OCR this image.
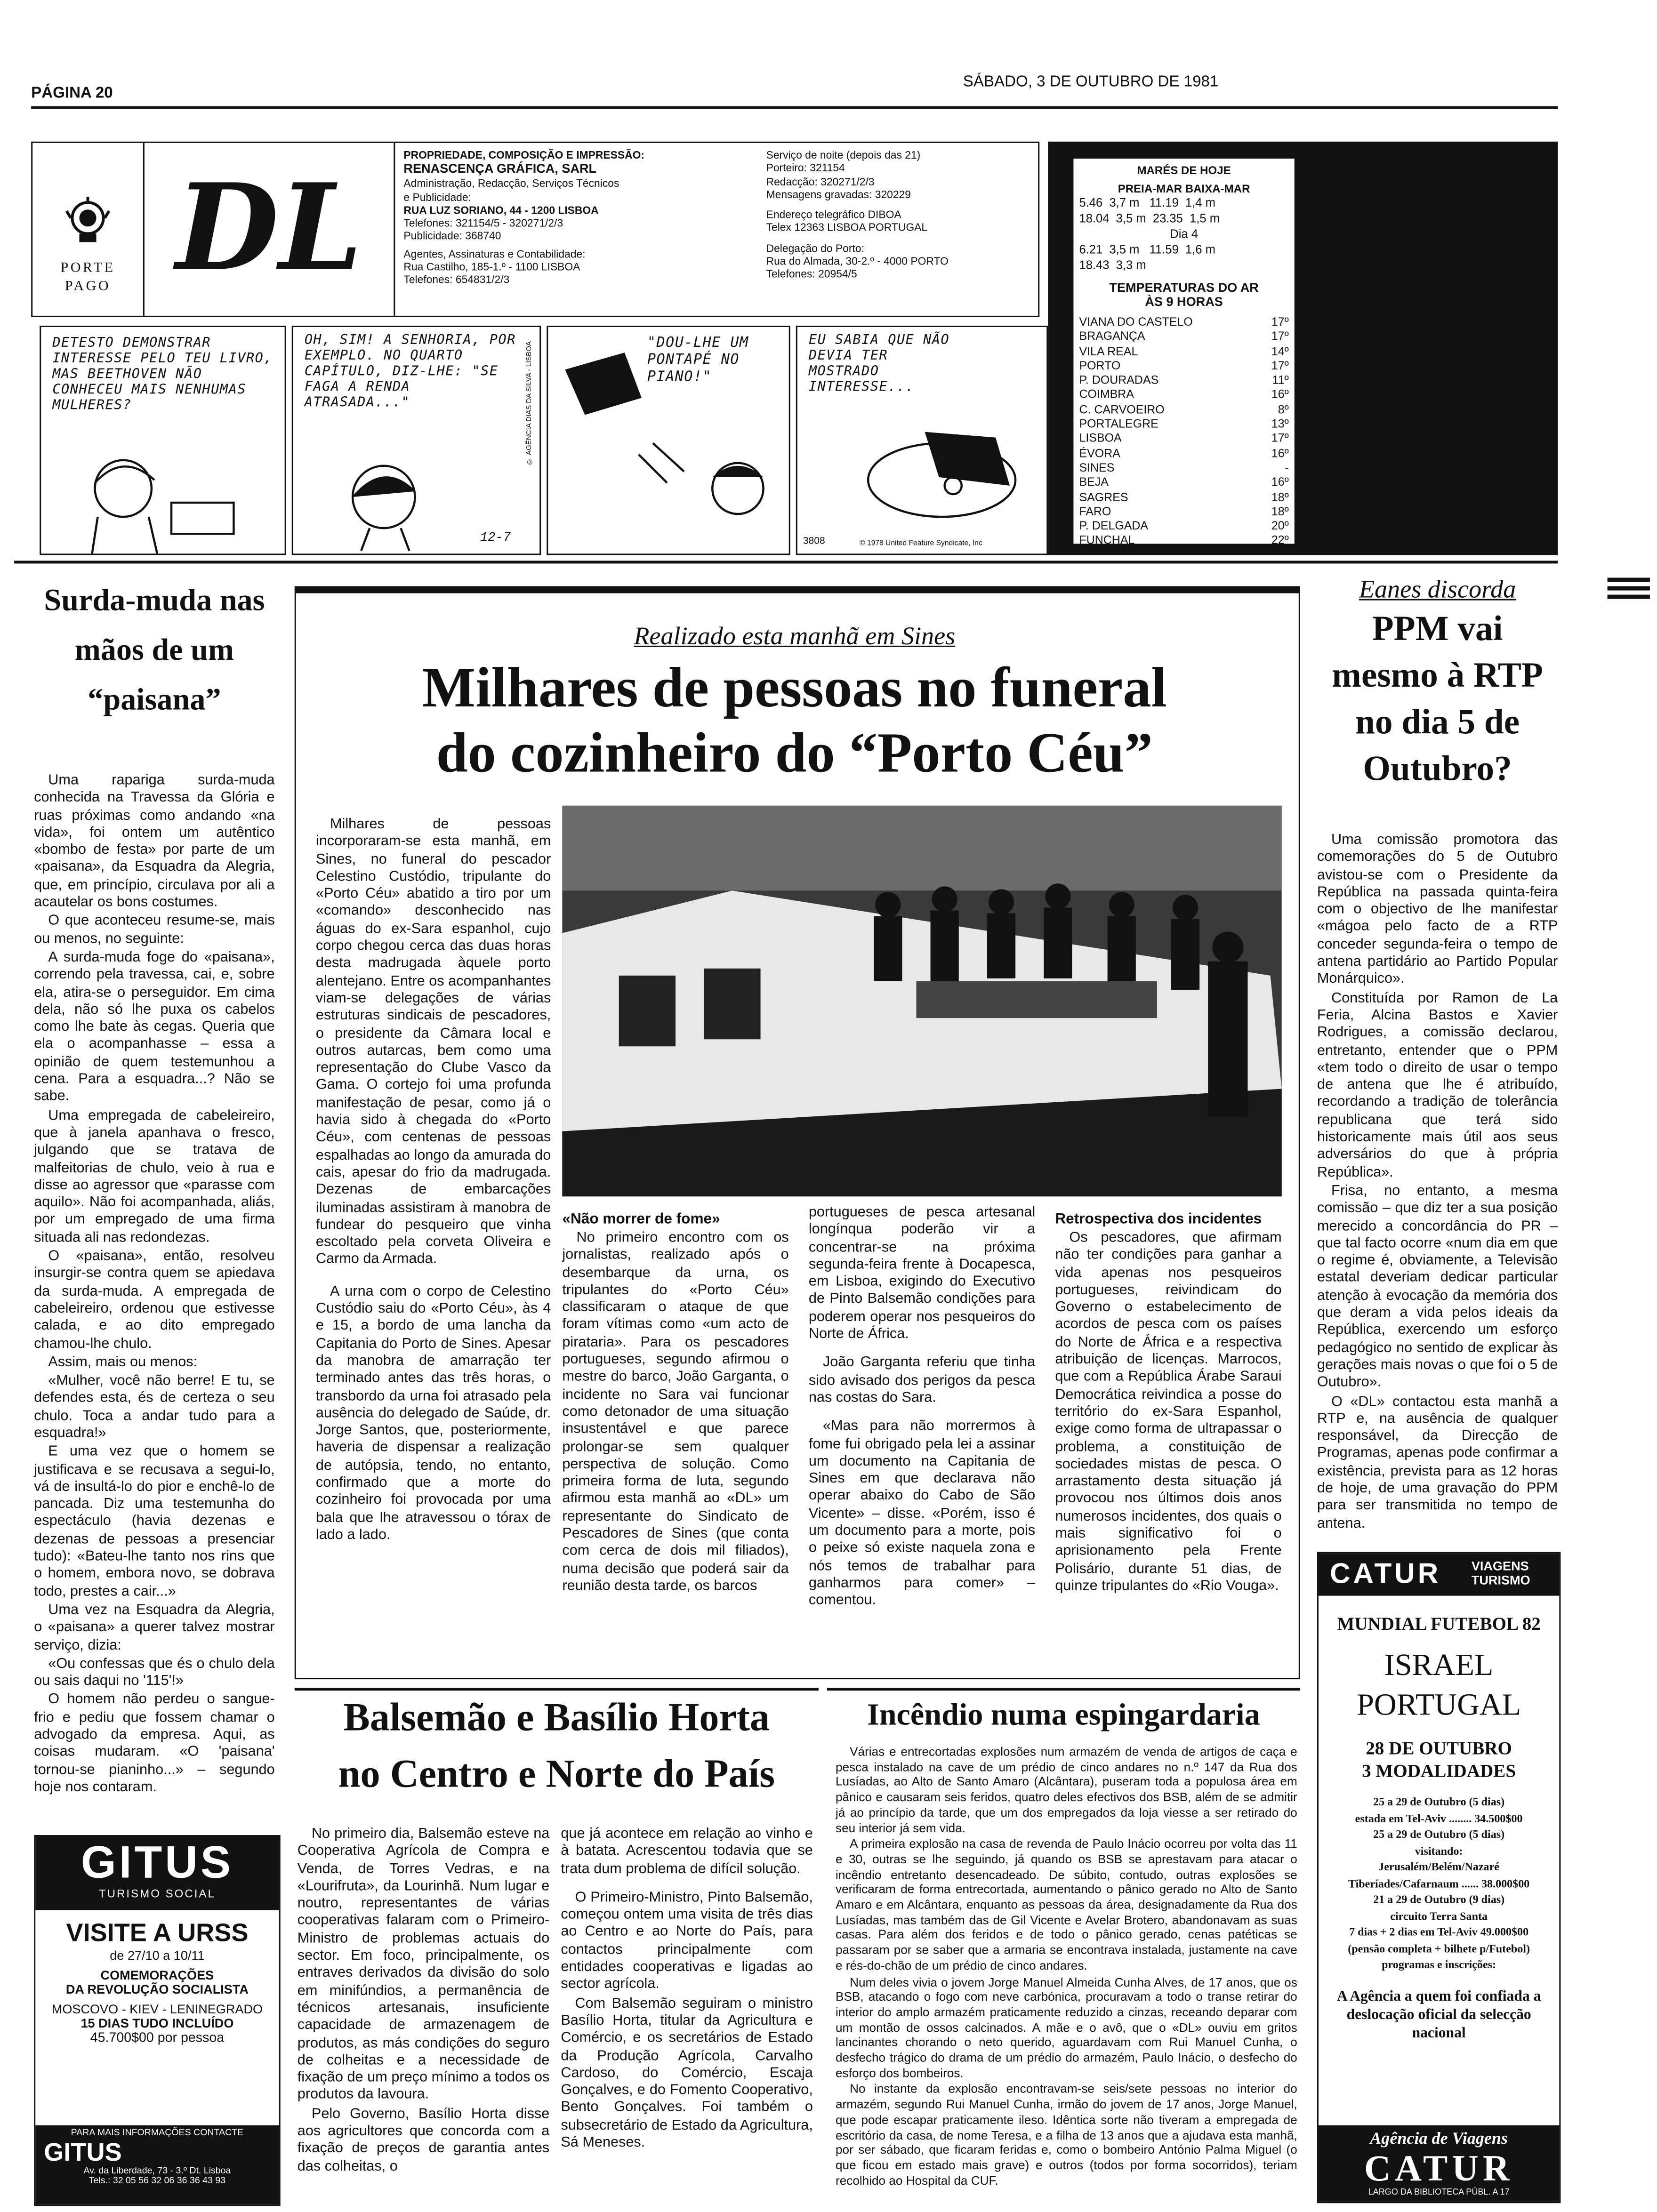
PÁGINA 20
SÁBADO, 3 DE OUTUBRO DE 1981
PORTE PAGO	DL
PROPRIEDADE, COMPOSIÇÃO E IMPRESSÃO:
RENASCENÇA GRÁFICA, SARL
Administração, Redacção, Serviços Técnicos
e Publicidade:
RUA LUZ SORIANO, 44 - 1200 LISBOA
Telefones: 321154/5 - 320271/2/3
Publicidade: 368740
Agentes, Assinaturas e Contabilidade:
Rua Castilho, 185-1.º - 1100 LISBOA
Telefones: 654831/2/3
Serviço de noite (depois das 21)
Porteiro: 321154
Redacção: 320271/2/3
Mensagens gravadas: 320229
Endereço telegráfico DIBOA
Telex 12363 LISBOA PORTUGAL
Delegação do Porto:
Rua do Almada, 30-2.º - 4000 PORTO
Telefones: 20954/5
MARÉS DE HOJE
PREIA-MAR BAIXA-MAR
5.46  3,7 m   11.19  1,4 m
18.04  3,5 m  23.35  1,5 m
Dia 4
6.21  3,5 m   11.59  1,6 m
18.43  3,3 m
TEMPERATURAS DO AR
ÀS 9 HORAS
VIANA DO CASTELO	17º
BRAGANÇA	17º
VILA REAL	14º
PORTO	17º
P. DOURADAS	11º
COIMBRA	16º
C. CARVOEIRO	8º
PORTALEGRE	13º
LISBOA	17º
ÉVORA	16º
SINES	-
BEJA	16º
SAGRES	18º
FARO	18º
P. DELGADA	20º
FUNCHAL	22º
DETESTO DEMONSTRAR INTERESSE PELO TEU LIVRO, MAS BEETHOVEN NÃO CONHECEU MAIS NENHUMAS MULHERES?
OH, SIM! A SENHORIA, POR EXEMPLO. NO QUARTO CAPÍTULO, DIZ-LHE: "SE FAGA A RENDA ATRASADA..."	© AGÊNCIA DIAS DA SILVA - LISBOA
12-7
"DOU-LHE UM PONTAPÉ NO PIANO!"
EU SABIA QUE NÃO DEVIA TER MOSTRADO INTERESSE...
3808	© 1978 United Feature Syndicate, Inc
Surda-muda nas mãos de um “paisana”

Uma rapariga surda-muda conhecida na Travessa da Glória e ruas próximas como andando «na vida», foi ontem um autêntico «bombo de festa» por parte de um «paisana», da Esquadra da Alegria, que, em princípio, circulava por ali a acautelar os bons costumes.

O que aconteceu resume-se, mais ou menos, no seguinte:

A surda-muda foge do «paisana», correndo pela travessa, cai, e, sobre ela, atira-se o perseguidor. Em cima dela, não só lhe puxa os cabelos como lhe bate às cegas. Queria que ela o acompanhasse – essa a opinião de quem testemunhou a cena. Para a esquadra...? Não se sabe.

Uma empregada de cabeleireiro, que à janela apanhava o fresco, julgando que se tratava de malfeitorias de chulo, veio à rua e disse ao agressor que «parasse com aquilo». Não foi acompanhada, aliás, por um empregado de uma firma situada ali nas redondezas.

O «paisana», então, resolveu insurgir-se contra quem se apiedava da surda-muda. A empregada de cabeleireiro, ordenou que estivesse calada, e ao dito empregado chamou-lhe chulo.

Assim, mais ou menos:

«Mulher, você não berre! E tu, se defendes esta, és de certeza o seu chulo. Toca a andar tudo para a esquadra!»

E uma vez que o homem se justificava e se recusava a segui-lo, vá de insultá-lo do pior e enchê-lo de pancada. Diz uma testemunha do espectáculo (havia dezenas e dezenas de pessoas a presenciar tudo): «Bateu-lhe tanto nos rins que o homem, embora novo, se dobrava todo, prestes a cair...»

Uma vez na Esquadra da Alegria, o «paisana» a querer talvez mostrar serviço, dizia:

«Ou confessas que és o chulo dela ou sais daqui no '115'!»

O homem não perdeu o sangue-frio e pediu que fossem chamar o advogado da empresa. Aqui, as coisas mudaram. «O 'paisana' tornou-se pianinho...» – segundo hoje nos contaram.

Realizado esta manhã em Sines
Milhares de pessoas no funeral
do cozinheiro do “Porto Céu”

Milhares de pessoas incorporaram-se esta manhã, em Sines, no funeral do pescador Celestino Custódio, tripulante do «Porto Céu» abatido a tiro por um «comando» desconhecido nas águas do ex-Sara espanhol, cujo corpo chegou cerca das duas horas desta madrugada àquele porto alentejano. Entre os acompanhantes viam-se delegações de várias estruturas sindicais de pescadores, o presidente da Câmara local e outros autarcas, bem como uma representação do Clube Vasco da Gama. O cortejo foi uma profunda manifestação de pesar, como já o havia sido à chegada do «Porto Céu», com centenas de pessoas espalhadas ao longo da amurada do cais, apesar do frio da madrugada. Dezenas de embarcações iluminadas assistiram à manobra de fundear do pesqueiro que vinha escoltado pela corveta Oliveira e Carmo da Armada.

A urna com o corpo de Celestino Custódio saiu do «Porto Céu», às 4 e 15, a bordo de uma lancha da Capitania do Porto de Sines. Apesar da manobra de amarração ter terminado antes das três horas, o transbordo da urna foi atrasado pela ausência do delegado de Saúde, dr. Jorge Santos, que, posteriormente, haveria de dispensar a realização de autópsia, tendo, no entanto, confirmado que a morte do cozinheiro foi provocada por uma bala que lhe atravessou o tórax de lado a lado.

«Não morrer de fome»

No primeiro encontro com os jornalistas, realizado após o desembarque da urna, os tripulantes do «Porto Céu» classificaram o ataque de que foram vítimas como «um acto de pirataria». Para os pescadores portugueses, segundo afirmou o mestre do barco, João Garganta, o incidente no Sara vai funcionar como detonador de uma situação insustentável e que parece prolongar-se sem qualquer perspectiva de solução. Como primeira forma de luta, segundo afirmou esta manhã ao «DL» um representante do Sindicato de Pescadores de Sines (que conta com cerca de dois mil filiados), numa decisão que poderá sair da reunião desta tarde, os barcos

portugueses de pesca artesanal longínqua poderão vir a concentrar-se na próxima segunda-feira frente à Docapesca, em Lisboa, exigindo do Executivo de Pinto Balsemão condições para poderem operar nos pesqueiros do Norte de África.

João Garganta referiu que tinha sido avisado dos perigos da pesca nas costas do Sara.

«Mas para não morrermos à fome fui obrigado pela lei a assinar um documento na Capitania de Sines em que declarava não operar abaixo do Cabo de São Vicente» – disse. «Porém, isso é um documento para a morte, pois o peixe só existe naquela zona e nós temos de trabalhar para ganharmos para comer» – comentou.

Retrospectiva dos incidentes

Os pescadores, que afirmam não ter condições para ganhar a vida apenas nos pesqueiros portugueses, reivindicam do Governo o estabelecimento de acordos de pesca com os países do Norte de África e a respectiva atribuição de licenças. Marrocos, que com a República Árabe Saraui Democrática reivindica a posse do território do ex-Sara Espanhol, exige como forma de ultrapassar o problema, a constituição de sociedades mistas de pesca. O arrastamento desta situação já provocou nos últimos dois anos numerosos incidentes, dos quais o mais significativo foi o aprisionamento pela Frente Polisário, durante 51 dias, de quinze tripulantes do «Rio Vouga».

Eanes discorda
PPM vai mesmo à RTP no dia 5 de Outubro?

Uma comissão promotora das comemorações do 5 de Outubro avistou-se com o Presidente da República na passada quinta-feira com o objectivo de lhe manifestar «mágoa pelo facto de a RTP conceder segunda-feira o tempo de antena partidário ao Partido Popular Monárquico».

Constituída por Ramon de La Feria, Alcina Bastos e Xavier Rodrigues, a comissão declarou, entretanto, entender que o PPM «tem todo o direito de usar o tempo de antena que lhe é atribuído, recordando a tradição de tolerância republicana que terá sido historicamente mais útil aos seus adversários do que à própria República».

Frisa, no entanto, a mesma comissão – que diz ter a sua posição merecido a concordância do PR – que tal facto ocorre «num dia em que o regime é, obviamente, a Televisão estatal deveriam dedicar particular atenção à evocação da memória dos que deram a vida pelos ideais da República, exercendo um esforço pedagógico no sentido de explicar às gerações mais novas o que foi o 5 de Outubro».

O «DL» contactou esta manhã a RTP e, na ausência de qualquer responsável, da Direcção de Programas, apenas pode confirmar a existência, prevista para as 12 horas de hoje, de uma gravação do PPM para ser transmitida no tempo de antena.

CATUR	VIAGENS TURISMO
MUNDIAL FUTEBOL 82
ISRAEL
PORTUGAL
28 DE OUTUBRO
3 MODALIDADES
25 a 29 de Outubro (5 dias)
estada em Tel-Aviv ........ 34.500$00
25 a 29 de Outubro (5 dias)
visitando:
Jerusalém/Belém/Nazaré
Tiberíades/Cafarnaum ...... 38.000$00
21 a 29 de Outubro (9 dias)
circuito Terra Santa
7 dias + 2 dias em Tel-Aviv 49.000$00
(pensão completa + bilhete p/Futebol)
programas e inscrições:
A Agência a quem foi confiada a deslocação oficial da selecção nacional
Agência de Viagens
CATUR
LARGO DA BIBLIOTECA PÚBL. A 17
Balsemão e Basílio Horta
no Centro e Norte do País

No primeiro dia, Balsemão esteve na Cooperativa Agrícola de Compra e Venda, de Torres Vedras, e na «Lourifruta», da Lourinhã. Num lugar e noutro, representantes de várias cooperativas falaram com o Primeiro-Ministro de problemas actuais do sector. Em foco, principalmente, os entraves derivados da divisão do solo em minifúndios, a permanência de técnicos artesanais, insuficiente capacidade de armazenagem de produtos, as más condições do seguro de colheitas e a necessidade de fixação de um preço mínimo a todos os produtos da lavoura.

Pelo Governo, Basílio Horta disse aos agricultores que concorda com a fixação de preços de garantia antes das colheitas, o

que já acontece em relação ao vinho e à batata. Acrescentou todavia que se trata dum problema de difícil solução.

O Primeiro-Ministro, Pinto Balsemão, começou ontem uma visita de três dias ao Centro e ao Norte do País, para contactos principalmente com entidades cooperativas e ligadas ao sector agrícola.

Com Balsemão seguiram o ministro Basílio Horta, titular da Agricultura e Comércio, e os secretários de Estado da Produção Agrícola, Carvalho Cardoso, do Comércio, Escaja Gonçalves, e do Fomento Cooperativo, Bento Gonçalves. Foi também o subsecretário de Estado da Agricultura, Sá Meneses.

Incêndio numa espingardaria

Várias e entrecortadas explosões num armazém de venda de artigos de caça e pesca instalado na cave de um prédio de cinco andares no n.º 147 da Rua dos Lusíadas, ao Alto de Santo Amaro (Alcântara), puseram toda a populosa área em pânico e causaram seis feridos, quatro deles efectivos dos BSB, além de se admitir já ao princípio da tarde, que um dos empregados da loja viesse a ser retirado do seu interior já sem vida.

A primeira explosão na casa de revenda de Paulo Inácio ocorreu por volta das 11 e 30, outras se lhe seguindo, já quando os BSB se aprestavam para atacar o incêndio entretanto desencadeado. De súbito, contudo, outras explosões se verificaram de forma entrecortada, aumentando o pânico gerado no Alto de Santo Amaro e em Alcântara, enquanto as pessoas da área, designadamente da Rua dos Lusíadas, mas também das de Gil Vicente e Avelar Brotero, abandonavam as suas casas. Para além dos feridos e de todo o pânico gerado, cenas patéticas se passaram por se saber que a armaria se encontrava instalada, justamente na cave e rés-do-chão de um prédio de cinco andares.

Num deles vivia o jovem Jorge Manuel Almeida Cunha Alves, de 17 anos, que os BSB, atacando o fogo com neve carbónica, procuravam a todo o transe retirar do interior do amplo armazém praticamente reduzido a cinzas, receando deparar com um montão de ossos calcinados. A mãe e o avô, que o «DL» ouviu em gritos lancinantes chorando o neto querido, aguardavam com Rui Manuel Cunha, o desfecho trágico do drama de um prédio do armazém, Paulo Inácio, o desfecho do esforço dos bombeiros.

No instante da explosão encontravam-se seis/sete pessoas no interior do armazém, segundo Rui Manuel Cunha, irmão do jovem de 17 anos, Jorge Manuel, que pode escapar praticamente ileso. Idêntica sorte não tiveram a empregada de escritório da casa, de nome Teresa, e a filha de 13 anos que a ajudava esta manhã, por ser sábado, que ficaram feridas e, como o bombeiro António Palma Miguel (o que ficou em estado mais grave) e outros (todos por forma socorridos), teriam recolhido ao Hospital da CUF.

GITUS
TURISMO SOCIAL
VISITE A URSS
de 27/10 a 10/11
COMEMORAÇÕES
DA REVOLUÇÃO SOCIALISTA
MOSCOVO - KIEV - LENINEGRADO
15 DIAS TUDO INCLUÍDO
45.700$00 por pessoa
PARA MAIS INFORMAÇÕES CONTACTE
GITUS
Av. da Liberdade, 73 - 3.º Dt. Lisboa
Tels.: 32 05 56 32 06 36 36 43 93
